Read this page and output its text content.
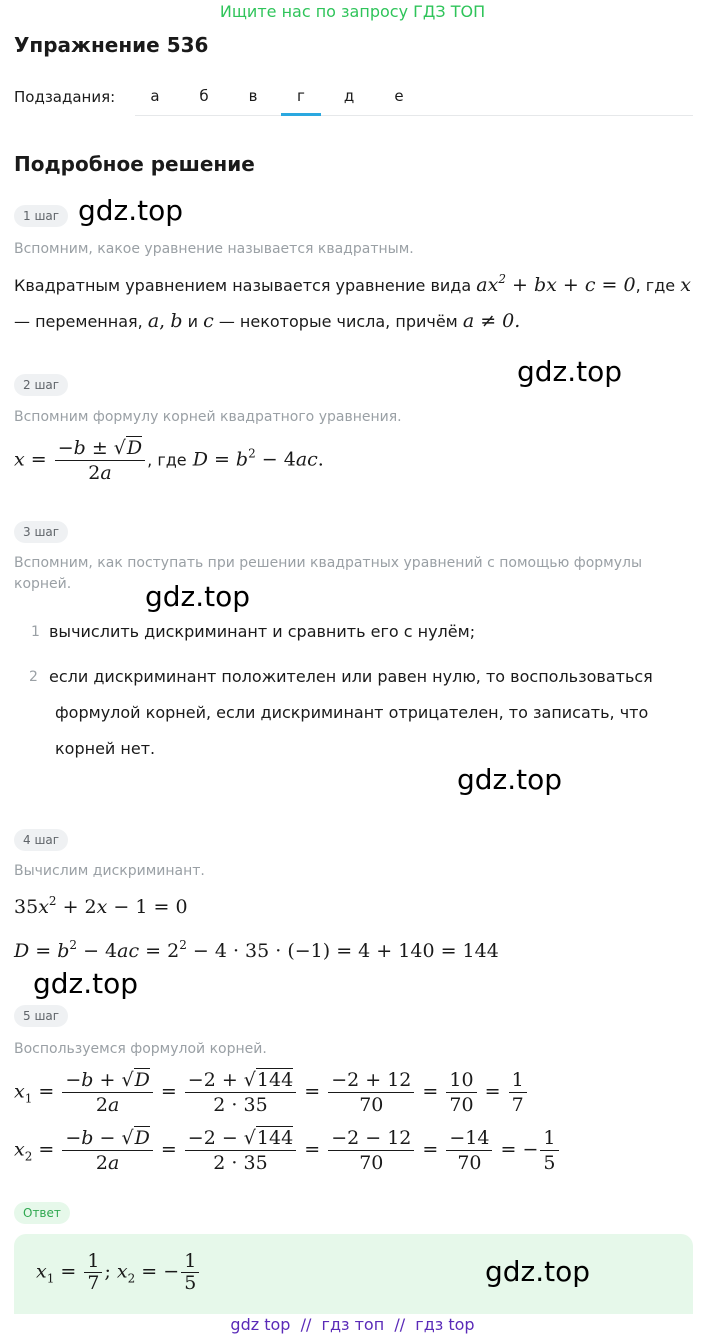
Ищите нас по запросу ГДЗ ТОП
Упражнение 536
Подзадания:	а	б	в	г	д	е
Подробное решение
1 шаг gdz.top
Вспомним, какое уравнение называется квадратным.
Квадратным уравнением называется уравнение вида $ax^2$ + bx + c = 0, где x
— переменная, a, b и c — некоторые числа, причём a ≠ 0.
gdz.top
2 шаг
Вспомним формулу корней квадратного уравнения.
$x = \frac{-b \pm √D}{2a}$ , где $D = b^2 - 4ac$.
3 шаг
Вспомним, как поступать при решении квадратных уравнений с помощью формулы корней.	gdz.top
1 вычислить дискриминант и сравнить его с нулём;
2 если дискриминант положителен или равен нулю, то воспользоваться
формулой корней, если дискриминант отрицателен, то записать, что
корней нет.
gdz.top
4 шаг
Вычислим дискриминант.
$35x^2 + 2x - 1 = 0$
$D = b^2 - 4ac = 2^2 - 4 \cdot 35 \cdot (-1) = 4 + 140 = 144$
gdz.top
5 шаг
Воспользуемся формулой корней.
$x_1 = \frac{-b + √D}{2a} = \frac{-2 + √144}{2 \cdot 35} = \frac{-2 + 12}{70} = \frac{10}{70} = \frac{1}{7}$
$x_2 = \frac{-b - √D}{2a} = \frac{-2 - √144}{2 \cdot 35} = \frac{-2 - 12}{70} = \frac{-14}{70}$ = − $\frac{1}{5}$
Ответ
$x_1 = \frac{1}{7}$ ; $x_2$ = − $\frac{1}{5}$	gdz.top
gdz top  //  гдз топ  //  гдз top
